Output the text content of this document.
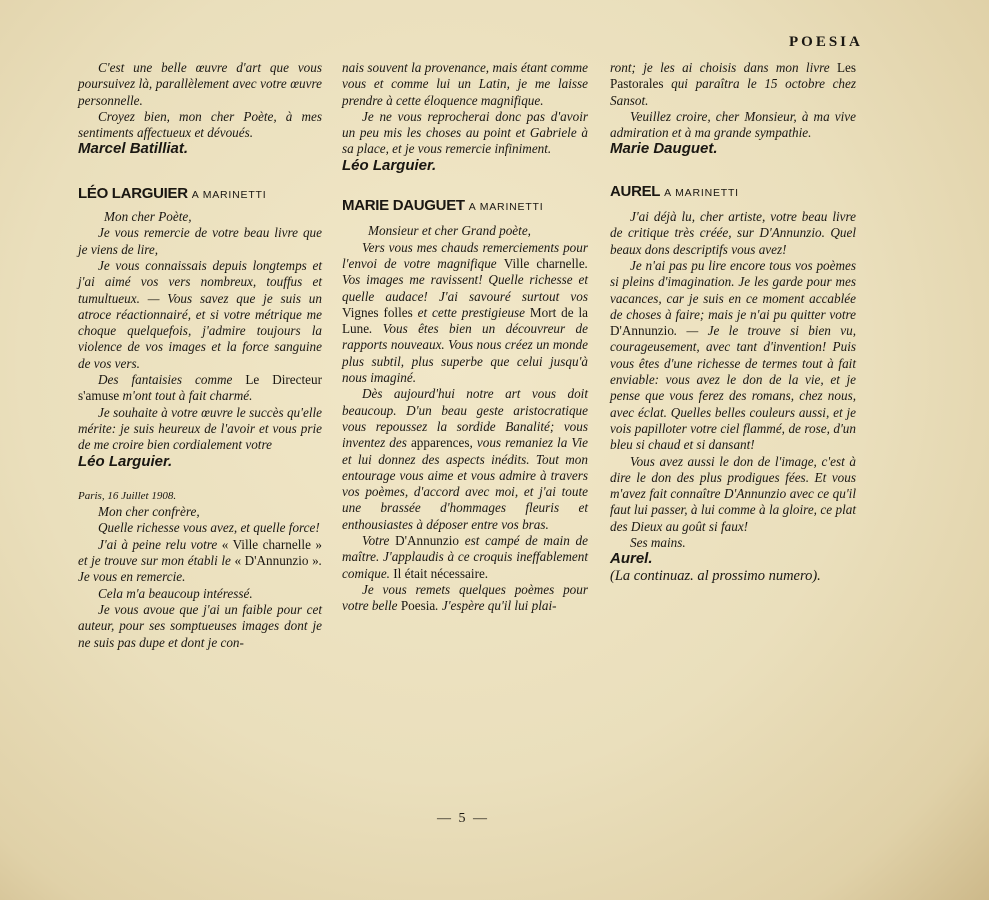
POESIA

C'est une belle œuvre d'art que vous poursuivez là, parallèlement avec votre œuvre personnelle.

Croyez bien, mon cher Poète, à mes sentiments affectueux et dévoués.

Marcel Batilliat.

LÉO LARGUIER A MARINETTI

Mon cher Poète,

Je vous remercie de votre beau livre que je viens de lire,

Je vous connaissais depuis longtemps et j'ai aimé vos vers nombreux, touffus et tumultueux. — Vous savez que je suis un atroce réactionnairé, et si votre métrique me choque quelquefois, j'admire toujours la violence de vos images et la force sanguine de vos vers.

Des fantaisies comme Le Directeur s'amuse m'ont tout à fait charmé.

Je souhaite à votre œuvre le succès qu'elle mérite: je suis heureux de l'avoir et vous prie de me croire bien cordialement votre

Léo Larguier.

Paris, 16 Juillet 1908.

Mon cher confrère,

Quelle richesse vous avez, et quelle force!

J'ai à peine relu votre « Ville charnelle » et je trouve sur mon établi le « D'Annunzio ». Je vous en remercie.

Cela m'a beaucoup intéressé.

Je vous avoue que j'ai un faible pour cet auteur, pour ses somptueuses images dont je ne suis pas dupe et dont je con-

nais souvent la provenance, mais étant comme vous et comme lui un Latin, je me laisse prendre à cette éloquence magnifique.

Je ne vous reprocherai donc pas d'avoir un peu mis les choses au point et Gabriele à sa place, et je vous remercie infiniment.

Léo Larguier.

MARIE DAUGUET A MARINETTI

Monsieur et cher Grand poète,

Vers vous mes chauds remerciements pour l'envoi de votre magnifique Ville charnelle. Vos images me ravissent! Quelle richesse et quelle audace! J'ai savouré surtout vos Vignes folles et cette prestigieuse Mort de la Lune. Vous êtes bien un découvreur de rapports nouveaux. Vous nous créez un monde plus subtil, plus superbe que celui jusqu'à nous imaginé.

Dès aujourd'hui notre art vous doit beaucoup. D'un beau geste aristocratique vous repoussez la sordide Banalité; vous inventez des apparences, vous remaniez la Vie et lui donnez des aspects inédits. Tout mon entourage vous aime et vous admire à travers vos poèmes, d'accord avec moi, et j'ai toute une brassée d'hommages fleuris et enthousiastes à déposer entre vos bras.

Votre D'Annunzio est campé de main de maître. J'applaudis à ce croquis ineffablement comique. Il était nécessaire.

Je vous remets quelques poèmes pour votre belle Poesia. J'espère qu'il lui plai-

ront; je les ai choisis dans mon livre Les Pastorales qui paraîtra le 15 octobre chez Sansot.

Veuillez croire, cher Monsieur, à ma vive admiration et à ma grande sympathie.

Marie Dauguet.

AUREL A MARINETTI

J'ai déjà lu, cher artiste, votre beau livre de critique très créée, sur D'Annunzio. Quel beaux dons descriptifs vous avez!

Je n'ai pas pu lire encore tous vos poèmes si pleins d'imagination. Je les garde pour mes vacances, car je suis en ce moment accablée de choses à faire; mais je n'ai pu quitter votre D'Annunzio. — Je le trouve si bien vu, courageusement, avec tant d'invention! Puis vous êtes d'une richesse de termes tout à fait enviable: vous avez le don de la vie, et je pense que vous ferez des romans, chez nous, avec éclat. Quelles belles couleurs aussi, et je vois papilloter votre ciel flammé, de rose, d'un bleu si chaud et si dansant!

Vous avez aussi le don de l'image, c'est à dire le don des plus prodigues fées. Et vous m'avez fait connaître D'Annunzio avec ce qu'il faut lui passer, à lui comme à la gloire, ce plat des Dieux au goût si faux!

Ses mains.

Aurel.

(La continuaz. al prossimo numero).

— 5 —
